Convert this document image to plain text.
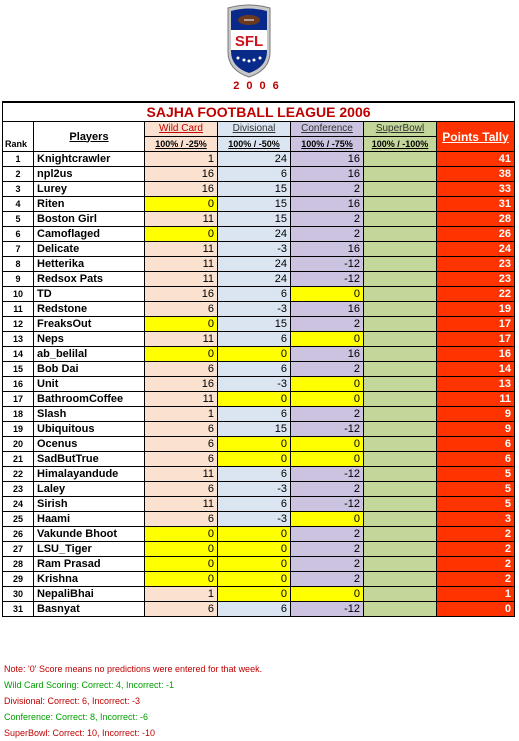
SFL
2006
SAJHA FOOTBALL LEAGUE 2006						
Rank	Players	Wild Card	Divisional	Conference	SuperBowl	Points Tally
		100% / -25%	100% / -50%	100% / -75%	100% / -100%	
1	Knightcrawler	1	24	16		41
2	npl2us	16	6	16		38
3	Lurey	16	15	2		33
4	Riten	0	15	16		31
5	Boston Girl	11	15	2		28
6	Camoflaged	0	24	2		26
7	Delicate	11	-3	16		24
8	Hetterika	11	24	-12		23
9	Redsox Pats	11	24	-12		23
10	TD	16	6	0		22
11	Redstone	6	-3	16		19
12	FreaksOut	0	15	2		17
13	Neps	11	6	0		17
14	ab_belilal	0	0	16		16
15	Bob Dai	6	6	2		14
16	Unit	16	-3	0		13
17	BathroomCoffee	11	0	0		11
18	Slash	1	6	2		9
19	Ubiquitous	6	15	-12		9
20	Ocenus	6	0	0		6
21	SadButTrue	6	0	0		6
22	Himalayandude	11	6	-12		5
23	Laley	6	-3	2		5
24	Sirish	11	6	-12		5
25	Haami	6	-3	0		3
26	Vakunde Bhoot	0	0	2		2
27	LSU_Tiger	0	0	2		2
28	Ram Prasad	0	0	2		2
29	Krishna	0	0	2		2
30	NepaliBhai	1	0	0		1
31	Basnyat	6	6	-12		0
Note: '0' Score means no predictions were entered for that week.
Wild Card Scoring: Correct: 4, Incorrect: -1
Divisional: Correct: 6, Incorrect: -3
Conference: Correct: 8, Incorrect: -6
SuperBowl: Correct: 10, Incorrect: -10
